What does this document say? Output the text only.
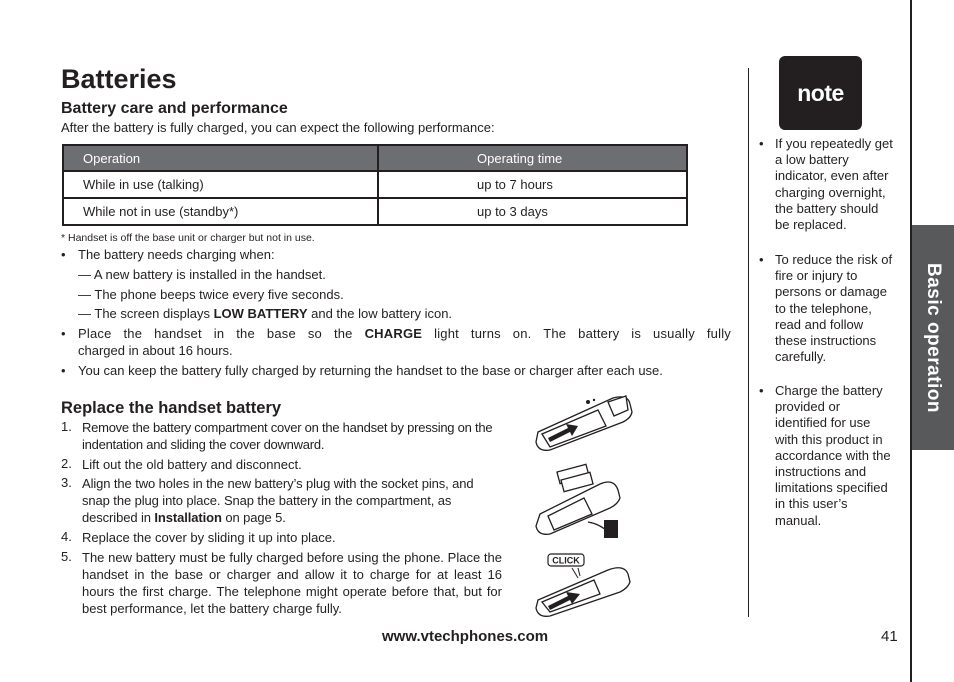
Basic operation
Batteries
Battery care and performance
After the battery is fully charged, you can expect the following performance:
Operation	Operating time
While in use (talking)	up to 7 hours
While not in use (standby*)	up to 3 days
* Handset is off the base unit or charger but not in use.
• The battery needs charging when:
— A new battery is installed in the handset.
— The phone beeps twice every five seconds.
— The screen displays LOW BATTERY and the low battery icon.
• Place the handset in the base so the CHARGE light turns on. The battery is usually fully
charged in about 16 hours.
• You can keep the battery fully charged by returning the handset to the base or charger after each use.
Replace the handset battery
1. Remove the battery compartment cover on the handset by pressing on the indentation and sliding the cover downward.
2. Lift out the old battery and disconnect.
3. Align the two holes in the new battery’s plug with the socket pins, and snap the plug into place. Snap the battery in the compartment, as described in Installation on page 5.
4. Replace the cover by sliding it up into place.
5. The new battery must be fully charged before using the phone. Place the handset in the base or charger and allow it to charge for at least 16 hours the first charge. The telephone might operate before that, but for best performance, let the battery charge fully.
CLICK
note
• If you repeatedly get a low battery indicator, even after charging overnight, the battery should be replaced.
• To reduce the risk of fire or injury to persons or damage to the telephone, read and follow these instructions carefully.
• Charge the battery provided or identified for use with this product in accordance with the instructions and limitations specified in this user’s manual.
www.vtechphones.com	41
